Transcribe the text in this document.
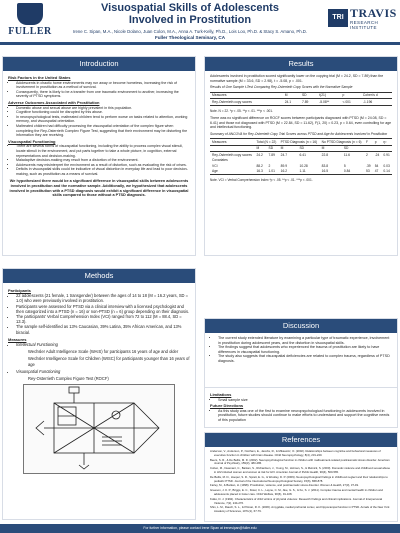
FULLER
Visuospatial Skills of Adolescents
Involved in Prostitution
Irene C. Sipan, M.A., Nicole Dolano, Juan Colon, M.A., Anna A. Turk-Kelly, Ph.D., Lois Loo, Ph.D. & Stacy S. Amano, Ph.D.
Fuller Theological Seminary, CA
TRI TRAVIS
RESEARCH INSTITUTE
Introduction
Risk Factors in the United States
• Adolescents in chaotic home environments may run away or become homeless, increasing the risk of involvement in prostitution as a method of survival.
• Consequently, there is likely to be a transfer from one traumatic environment to another, increasing the severity of PTSD symptoms.
Adverse Outcomes Associated with Prostitution
• Domestic abuse and sexual abuse are highly prevalent in this population.
• Cognitive functioning could be disrupted by this abuse.
• In neuropsychological tests, maltreated children tend to perform worse on tasks related to attention, working memory, and visuospatial orientation.
• Maltreated children had difficulty processing the visuospatial orientation of the complex figure when completing the Rey-Osterrieth Complex Figure Test, suggesting that their environment may be distorting the information they are receiving.
Visuospatial Functioning
• There are several forms of visuospatial functioning, including the ability to process complex visual stimuli, locate stimuli in the environment, and put parts together to take a whole picture, in cognition, external representations and decision-making.
• Maladaptive decision-making may result from a distortion of the environment.
• Adolescents may misinterpret the environment as a result of distortion, such as evaluating the risk of crises.
• Deficits in visuospatial skills could be indicative of visual distortion in everyday life and lead to poor decision-making, such as prostitution as a means of survival.
We hypothesized there would be a significant difference in visuospatial skills between adolescents involved in prostitution and the normative sample. Additionally, we hypothesized that adolescents involved in prostitution with a PTSD diagnosis would exhibit a significant difference in visuospatial skills compared to those without a PTSD diagnosis.
Methods
Participants
• 22 adolescents (21 female, 1 transgender) between the ages of 14 to 18 (M = 16.2 years, SD = 1.0) who were previously involved in prostitution.
• Participants were assessed for PTSD via a clinical interview with a licensed psychologist and then categorized into a PTSD (n = 16) or non-PTSD (n = 6) group depending on their diagnosis.
• The participants' Verbal Comprehension Index (VCI) ranged from 72 to 112 (M = 88.4, SD = 13.3).
• The sample self-identified as 13% Caucasian, 39% Latina, 35% African American, and 13% biracial.
Measures
• Intellectual Functioning

Wechsler Adult Intelligence Scale (WAIS) for participants 16 years of age and older

Wechsler Intelligence Scale for Children (WISC) for participants younger than 16 years of age

• Visuospatial Functioning

Rey-Osterrieth Complex Figure Test (ROCF)

Results

Adolescents involved in prostitution scored significantly lower on the copying trial (M = 24.2, SD = 7.89) than the normative sample (M = 33.6, SD = 2.98), t = -5.08, p = .001.

Results of One Sample t-Test Comparing Rey-Osterrieth Copy Scores with the Normative Sample
Measures	M	SD	t(21)	p	Cohen's d
Rey-Osterrieth copy scores	24.1	7.89	-5.08**	<.001	-1.196
Note. N = 22. *p < .05. **p < .01. ***p < .001.

There was no significant difference on ROCF scores between participants diagnosed with PTSD (M = 24.08, SD = 6.41) and those not diagnosed with PTSD (M = 22.84, SD = 11.62), F(1, 20) = 0.23, p = 0.64, even controlling for age and intellectual functioning.

Summary of ANCOVA for Rey-Osterrieth Copy Trial Scores across PTSD and Age for Adolescents Involved in Prostitution
Measures	Total (N = 22)		PTSD Diagnosis (n = 16)		No PTSD Diagnosis (n = 6)		F	p	η²
	M	SD	M	SD	M	SD			
Rey-Osterrieth copy scores	24.2	7.89	24.7	6.41	22.8	11.6	2	.24	0.91
Covariates									
VCI	88.2	2	89.9	10.28	83.8	5	.39	54	0.03
Age	16.3	1.01	16.2	1.11	16.5	0.84	53	47	0.14
Note. VCI = Verbal Comprehension Index *p < .05. **p < .01. ***p < .001.
Discussion
• The current study extended literature by examining a particular type of traumatic experience, involvement in prostitution during adolescent years, and the distortion in visuospatial skills.
• The findings suggest that adolescents who experienced the trauma of prostitution are likely to have differences in visuospatial functioning.
• The study also suggests that visuospatial deficiencies are related to complex trauma, regardless of PTSD diagnosis.
Limitations
• Small sample size
Future Directions
• As this study was one of the first to examine neuropsychological functioning in adolescents involved in prostitution, future studies should continue to make efforts to understand and support the cognitive needs of this population
References

Anderson, V., Anderson, P., Northam, E., Jacobs, R., & Mikiewicz, O. (2002). Relationships between cognitive and behavioral measures of executive function in children with brain disease. Child Neuropsychology, 8(4), 231-240.

Beers, S. R., & De Bellis, M. D. (2002). Neuropsychological function in children with maltreatment-related posttraumatic stress disorder. American Journal of Psychiatry, 159(3), 483-486.

Cohen, M., Deamant, C., Barkan, S., Richardson, J., Young, M., Holman, S., & Melnick, S. (2000). Domestic violence and childhood sexual abuse in HIV-infected women and women at risk for HIV. American Journal of Public Health, 90(4), 560-565.

De Bellis, M. D., Hooper, S. R., Spratt, E. G., & Woolley, D. P. (2009). Neuropsychological findings in childhood neglect and their relationships to pediatric PTSD. Journal of the International Neuropsychological Society, 15(6), 868-878.

Farley, M., & Barkan, H. (1998). Prostitution, violence, and posttraumatic stress disorder. Women & Health, 27(3), 37-49.

Greeson, J. K. P., Briggs, E. C., Kisiel, C. L., Layne, C. M., Ake, G. S., & Ko, S. J. (2011). Complex trauma and mental health in children and adolescents placed in foster care. Child Welfare, 90(6), 91-108.

Kolko, D. J. (1992). Characteristics of child victims of physical violence: Research findings and clinical implications. Journal of Interpersonal Violence, 7(2), 244-276.

Shin, L. M., Rauch, S. L., & Pitman, R. K. (2006). Amygdala, medial prefrontal cortex, and hippocampal function in PTSD. Annals of the New York Academy of Sciences, 1071(1), 67-79.

For further information, please contact Irene Sipan at irenesipan@fuller.edu
